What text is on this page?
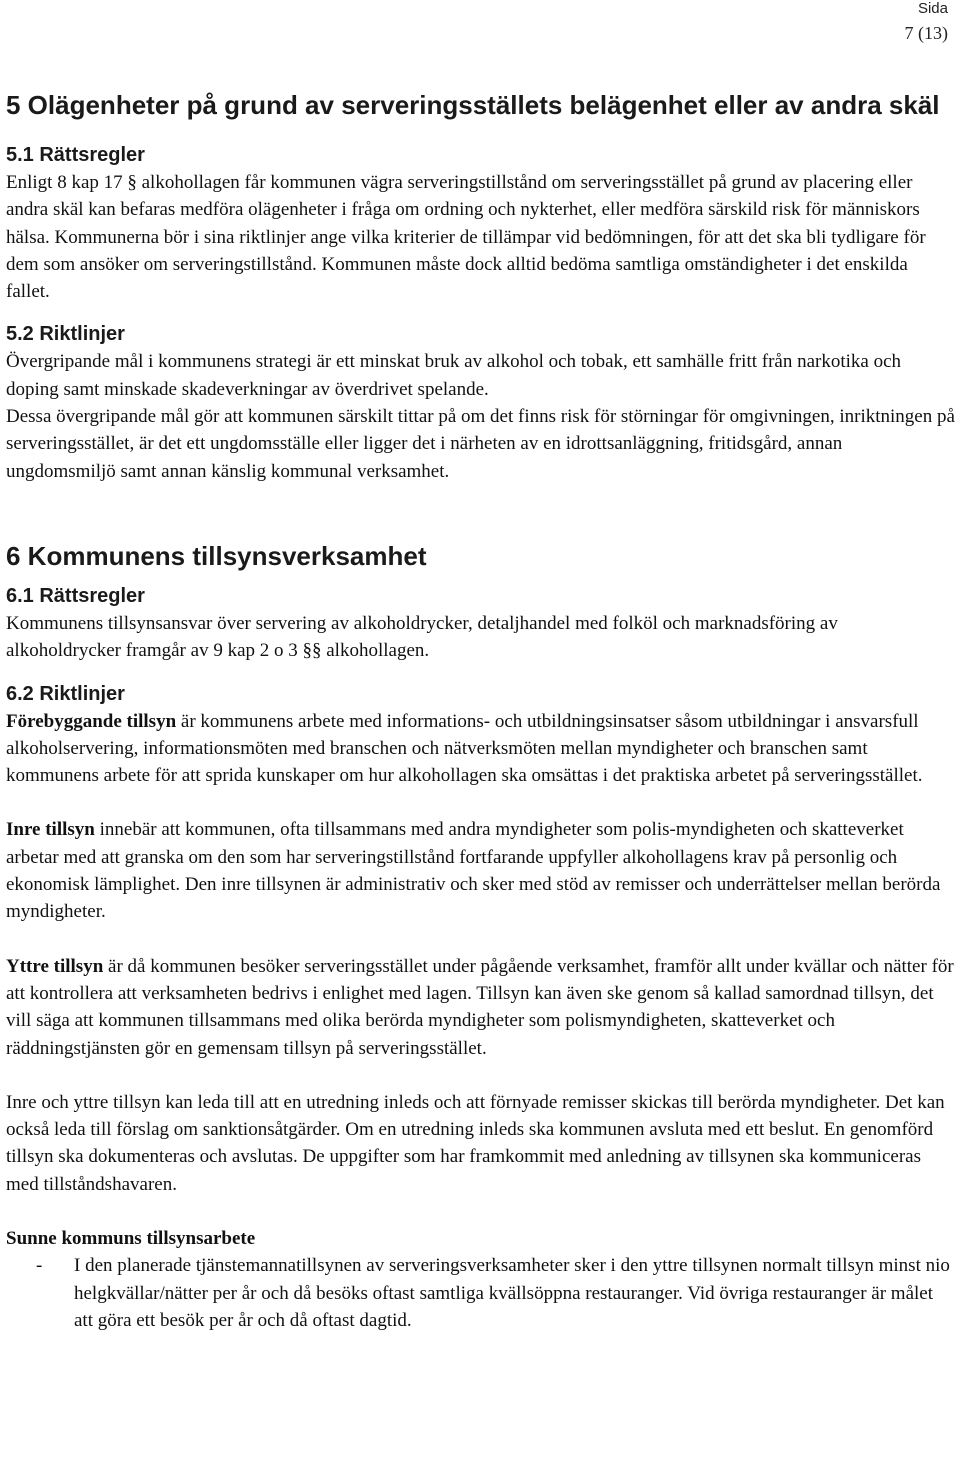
Sida
7 (13)
5 Olägenheter på grund av serveringsställets belägenhet eller av andra skäl
5.1 Rättsregler

Enligt 8 kap 17 § alkohollagen får kommunen vägra serveringstillstånd om serveringsstället på grund av placering eller andra skäl kan befaras medföra olägenheter i fråga om ordning och nykterhet, eller medföra särskild risk för människors hälsa. Kommunerna bör i sina riktlinjer ange vilka kriterier de tillämpar vid bedömningen, för att det ska bli tydligare för dem som ansöker om serveringstillstånd. Kommunen måste dock alltid bedöma samtliga omständigheter i det enskilda fallet.

5.2 Riktlinjer

Övergripande mål i kommunens strategi är ett minskat bruk av alkohol och tobak, ett samhälle fritt från narkotika och doping samt minskade skadeverkningar av överdrivet spelande.

Dessa övergripande mål gör att kommunen särskilt tittar på om det finns risk för störningar för omgivningen, inriktningen på serveringsstället, är det ett ungdomsställe eller ligger det i närheten av en idrottsanläggning, fritidsgård, annan ungdomsmiljö samt annan känslig kommunal verksamhet.

6 Kommunens tillsynsverksamhet
6.1 Rättsregler

Kommunens tillsynsansvar över servering av alkoholdrycker, detaljhandel med folköl och marknadsföring av alkoholdrycker framgår av 9 kap 2 o 3 §§ alkohollagen.

6.2 Riktlinjer

Förebyggande tillsyn är kommunens arbete med informations- och utbildningsinsatser såsom utbildningar i ansvarsfull alkoholservering, informationsmöten med branschen och nätverksmöten mellan myndigheter och branschen samt kommunens arbete för att sprida kunskaper om hur alkohollagen ska omsättas i det praktiska arbetet på serveringsstället.

Inre tillsyn innebär att kommunen, ofta tillsammans med andra myndigheter som polis-myndigheten och skatteverket arbetar med att granska om den som har serveringstillstånd fortfarande uppfyller alkohollagens krav på personlig och ekonomisk lämplighet. Den inre tillsynen är administrativ och sker med stöd av remisser och underrättelser mellan berörda myndigheter.

Yttre tillsyn är då kommunen besöker serveringsstället under pågående verksamhet, framför allt under kvällar och nätter för att kontrollera att verksamheten bedrivs i enlighet med lagen. Tillsyn kan även ske genom så kallad samordnad tillsyn, det vill säga att kommunen tillsammans med olika berörda myndigheter som polismyndigheten, skatteverket och räddningstjänsten gör en gemensam tillsyn på serveringsstället.

Inre och yttre tillsyn kan leda till att en utredning inleds och att förnyade remisser skickas till berörda myndigheter. Det kan också leda till förslag om sanktionsåtgärder. Om en utredning inleds ska kommunen avsluta med ett beslut. En genomförd tillsyn ska dokumenteras och avslutas. De uppgifter som har framkommit med anledning av tillsynen ska kommuniceras med tillståndshavaren.

Sunne kommuns tillsynsarbete
- I den planerade tjänstemannatillsynen av serveringsverksamheter sker i den yttre tillsynen normalt tillsyn minst nio helgkvällar/nätter per år och då besöks oftast samtliga kvällsöppna restauranger. Vid övriga restauranger är målet att göra ett besök per år och då oftast dagtid.
